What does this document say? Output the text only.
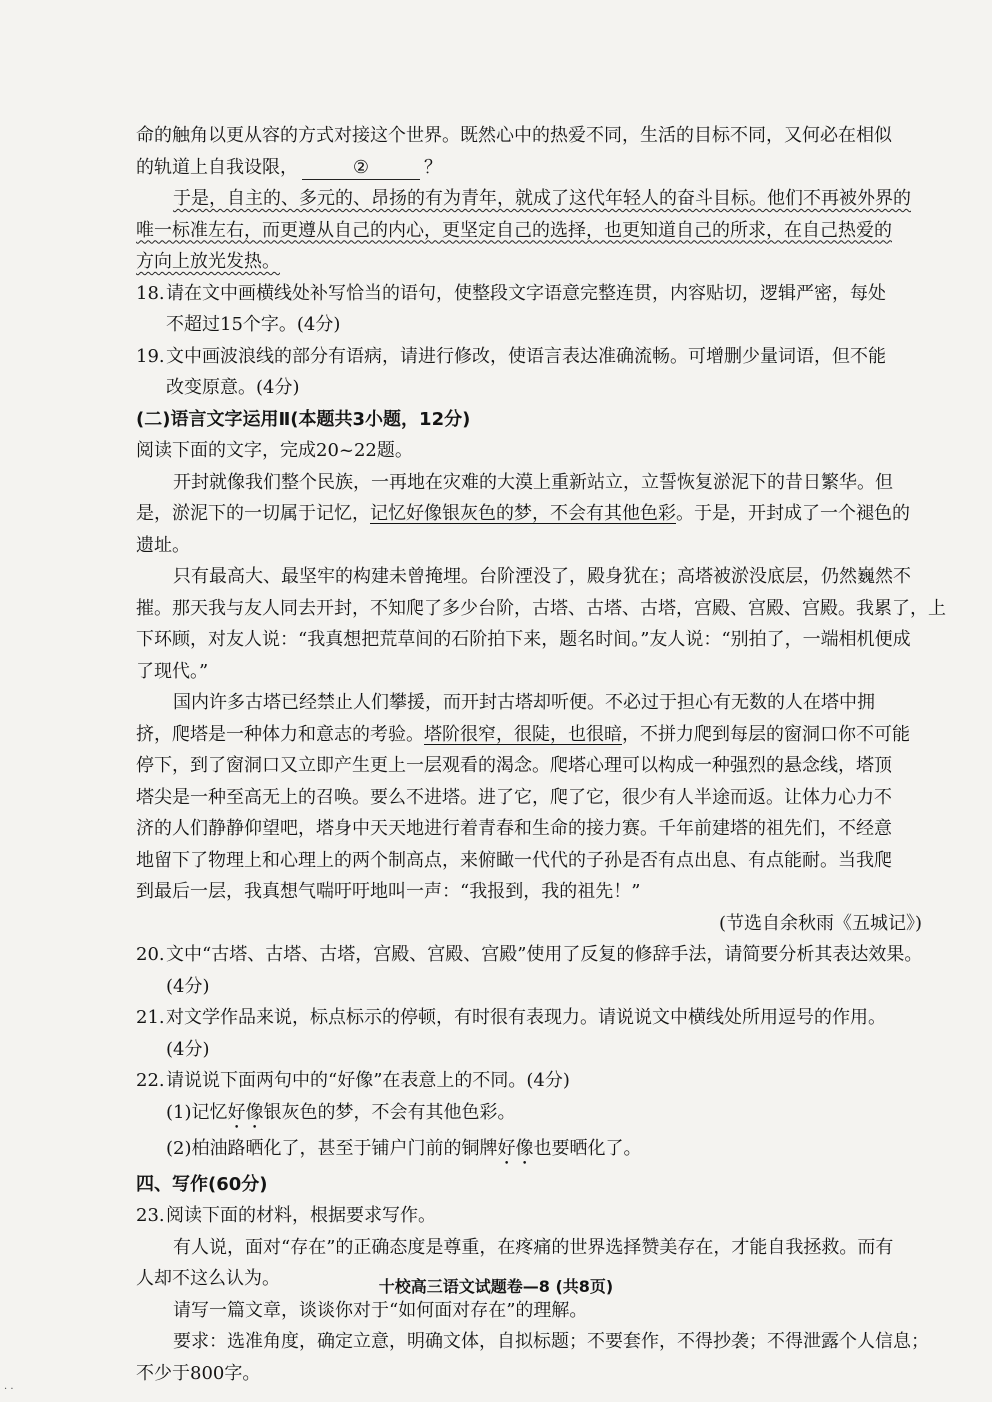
命的触角以更从容的方式对接这个世界。既然心中的热爱不同，生活的目标不同，又何必在相似
的轨道上自我设限，	②	？
于是，自主的、多元的、昂扬的有为青年，就成了这代年轻人的奋斗目标。他们不再被外界的
唯一标准左右，而更遵从自己的内心，更坚定自己的选择，也更知道自己的所求，在自己热爱的
方向上放光发热。
18. 请在文中画横线处补写恰当的语句，使整段文字语意完整连贯，内容贴切，逻辑严密，每处
不超过15个字。(4分)
19. 文中画波浪线的部分有语病，请进行修改，使语言表达准确流畅。可增删少量词语，但不能
改变原意。(4分)
(二)语言文字运用Ⅱ(本题共3小题，12分)
阅读下面的文字，完成20~22题。
开封就像我们整个民族，一再地在灾难的大漠上重新站立，立誓恢复淤泥下的昔日繁华。但
是，淤泥下的一切属于记忆，记忆好像银灰色的梦，不会有其他色彩。于是，开封成了一个褪色的
遗址。
只有最高大、最坚牢的构建未曾掩埋。台阶湮没了，殿身犹在；高塔被淤没底层，仍然巍然不
摧。那天我与友人同去开封，不知爬了多少台阶，古塔、古塔、古塔，宫殿、宫殿、宫殿。我累了，上
下环顾，对友人说：“我真想把荒草间的石阶拍下来，题名时间。”友人说：“别拍了，一端相机便成
了现代。”
国内许多古塔已经禁止人们攀援，而开封古塔却听便。不必过于担心有无数的人在塔中拥
挤，爬塔是一种体力和意志的考验。塔阶很窄，很陡，也很暗，不拼力爬到每层的窗洞口你不可能
停下，到了窗洞口又立即产生更上一层观看的渴念。爬塔心理可以构成一种强烈的悬念线，塔顶
塔尖是一种至高无上的召唤。要么不进塔。进了它，爬了它，很少有人半途而返。让体力心力不
济的人们静静仰望吧，塔身中天天地进行着青春和生命的接力赛。千年前建塔的祖先们，不经意
地留下了物理上和心理上的两个制高点，来俯瞰一代代的子孙是否有点出息、有点能耐。当我爬
到最后一层，我真想气喘吁吁地叫一声：“我报到，我的祖先！”
(节选自余秋雨《五城记》)
20. 文中“古塔、古塔、古塔，宫殿、宫殿、宫殿”使用了反复的修辞手法，请简要分析其表达效果。
(4分)
21. 对文学作品来说，标点标示的停顿，有时很有表现力。请说说文中横线处所用逗号的作用。
(4分)
22. 请说说下面两句中的“好像”在表意上的不同。(4分)
(1)记忆好像银灰色的梦，不会有其他色彩。
(2)柏油路晒化了，甚至于铺户门前的铜牌好像也要晒化了。
四、写作(60分)
23. 阅读下面的材料，根据要求写作。
有人说，面对“存在”的正确态度是尊重，在疼痛的世界选择赞美存在，才能自我拯救。而有
人却不这么认为。
请写一篇文章，谈谈你对于“如何面对存在”的理解。
要求：选准角度，确定立意，明确文体，自拟标题；不要套作，不得抄袭；不得泄露个人信息；
不少于800字。
十校高三语文试题卷—8 (共8页)
· ·
